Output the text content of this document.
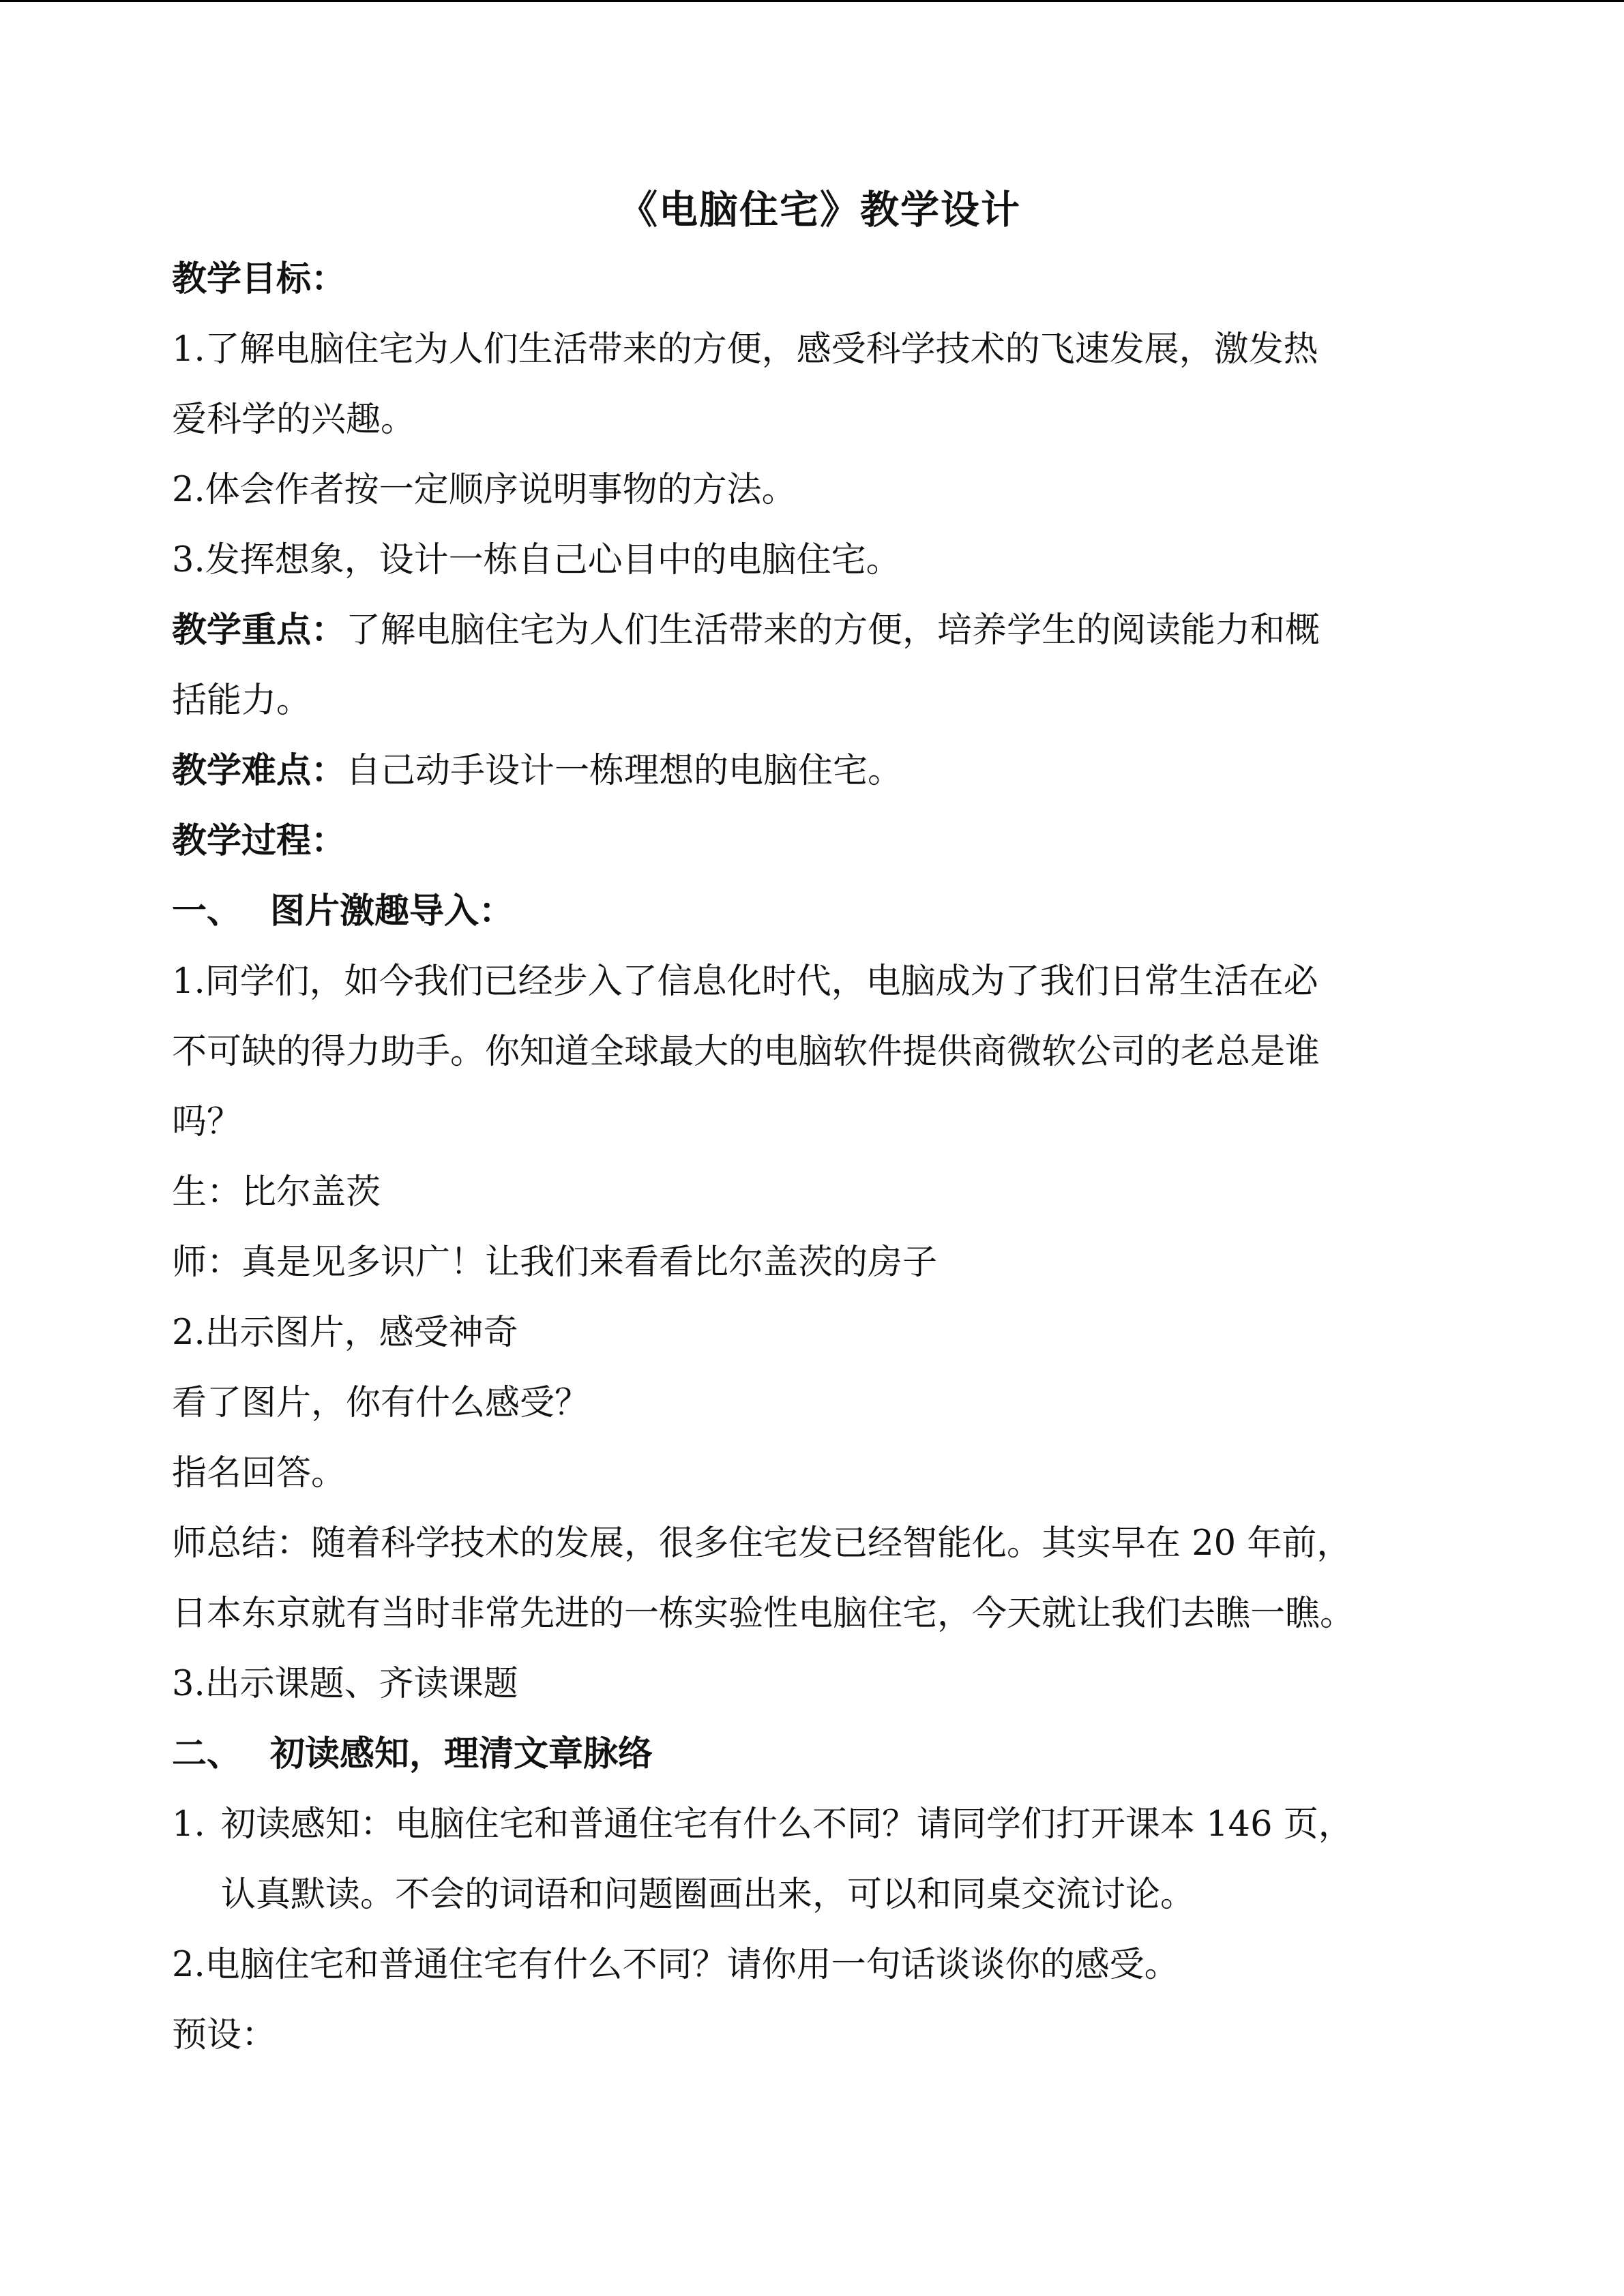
《电脑住宅》教学设计
教学目标：
1.了解电脑住宅为人们生活带来的方便，感受科学技术的飞速发展，激发热
爱科学的兴趣。
2.体会作者按一定顺序说明事物的方法。
3.发挥想象，设计一栋自己心目中的电脑住宅。
教学重点：了解电脑住宅为人们生活带来的方便，培养学生的阅读能力和概
括能力。
教学难点：自己动手设计一栋理想的电脑住宅。
教学过程：
一、 图片激趣导入：
1.同学们，如今我们已经步入了信息化时代，电脑成为了我们日常生活在必
不可缺的得力助手。你知道全球最大的电脑软件提供商微软公司的老总是谁
吗？
生：比尔盖茨
师：真是见多识广！让我们来看看比尔盖茨的房子
2.出示图片，感受神奇
看了图片，你有什么感受？
指名回答。
师总结：随着科学技术的发展，很多住宅发已经智能化。其实早在 20 年前，
日本东京就有当时非常先进的一栋实验性电脑住宅，今天就让我们去瞧一瞧。
3.出示课题、齐读课题
二、 初读感知，理清文章脉络
1. 初读感知：电脑住宅和普通住宅有什么不同？请同学们打开课本 146 页，
认真默读。不会的词语和问题圈画出来，可以和同桌交流讨论。
2.电脑住宅和普通住宅有什么不同？请你用一句话谈谈你的感受。
预设：
